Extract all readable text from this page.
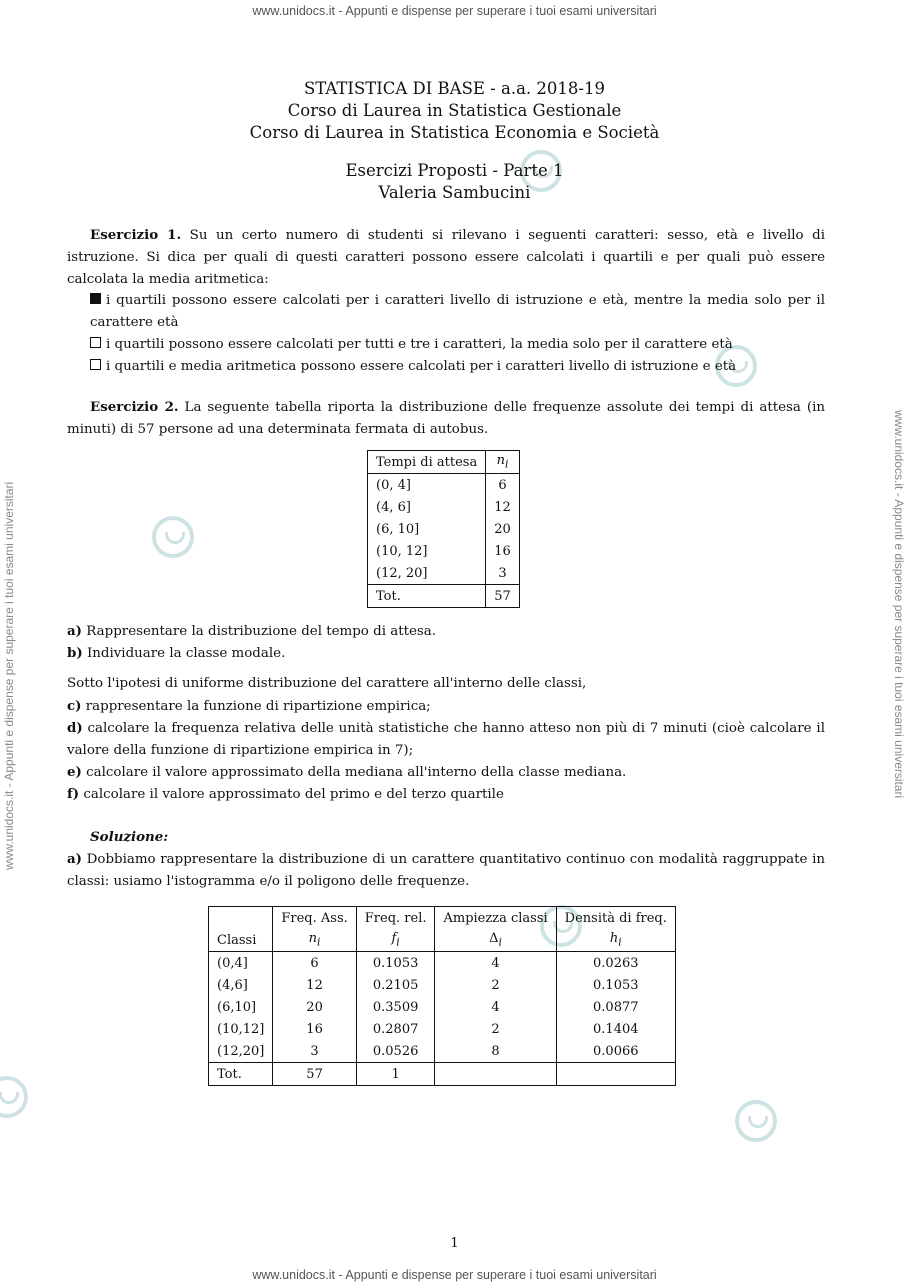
www.unidocs.it - Appunti e dispense per superare i tuoi esami universitari
www.unidocs.it - Appunti e dispense per superare i tuoi esami universitari
www.unidocs.it - Appunti e dispense per superare i tuoi esami universitari	www.unidocs.it - Appunti e dispense per superare i tuoi esami universitari
STATISTICA DI BASE - a.a. 2018-19
Corso di Laurea in Statistica Gestionale
Corso di Laurea in Statistica Economia e Società
Esercizi Proposti - Parte 1
Valeria Sambucini
Esercizio 1. Su un certo numero di studenti si rilevano i seguenti caratteri: sesso, età e livello di istruzione. Si dica per quali di questi caratteri possono essere calcolati i quartili e per quali può essere calcolata la media aritmetica:
i quartili possono essere calcolati per i caratteri livello di istruzione e età, mentre la media solo per il carattere età
i quartili possono essere calcolati per tutti e tre i caratteri, la media solo per il carattere età
i quartili e media aritmetica possono essere calcolati per i caratteri livello di istruzione e età
Esercizio 2. La seguente tabella riporta la distribuzione delle frequenze assolute dei tempi di attesa (in minuti) di 57 persone ad una determinata fermata di autobus.
Tempi di attesa	$n_i$
(0, 4]	6
(4, 6]	12
(6, 10]	20
(10, 12]	16
(12, 20]	3
Tot.	57
a) Rappresentare la distribuzione del tempo di attesa.
b) Individuare la classe modale.
Sotto l'ipotesi di uniforme distribuzione del carattere all'interno delle classi,
c) rappresentare la funzione di ripartizione empirica;
d) calcolare la frequenza relativa delle unità statistiche che hanno atteso non più di 7 minuti (cioè calcolare il valore della funzione di ripartizione empirica in 7);
e) calcolare il valore approssimato della mediana all'interno della classe mediana.
f) calcolare il valore approssimato del primo e del terzo quartile
Soluzione:
a) Dobbiamo rappresentare la distribuzione di un carattere quantitativo continuo con modalità raggruppate in classi: usiamo l'istogramma e/o il poligono delle frequenze.
	Freq. Ass.	Freq. rel.	Ampiezza classi	Densità di freq.
Classi	$n_i$	$f_i$	$\Delta_i$	$h_i$
(0,4]	6	0.1053	4	0.0263
(4,6]	12	0.2105	2	0.1053
(6,10]	20	0.3509	4	0.0877
(10,12]	16	0.2807	2	0.1404
(12,20]	3	0.0526	8	0.0066
Tot.	57	1		
1
